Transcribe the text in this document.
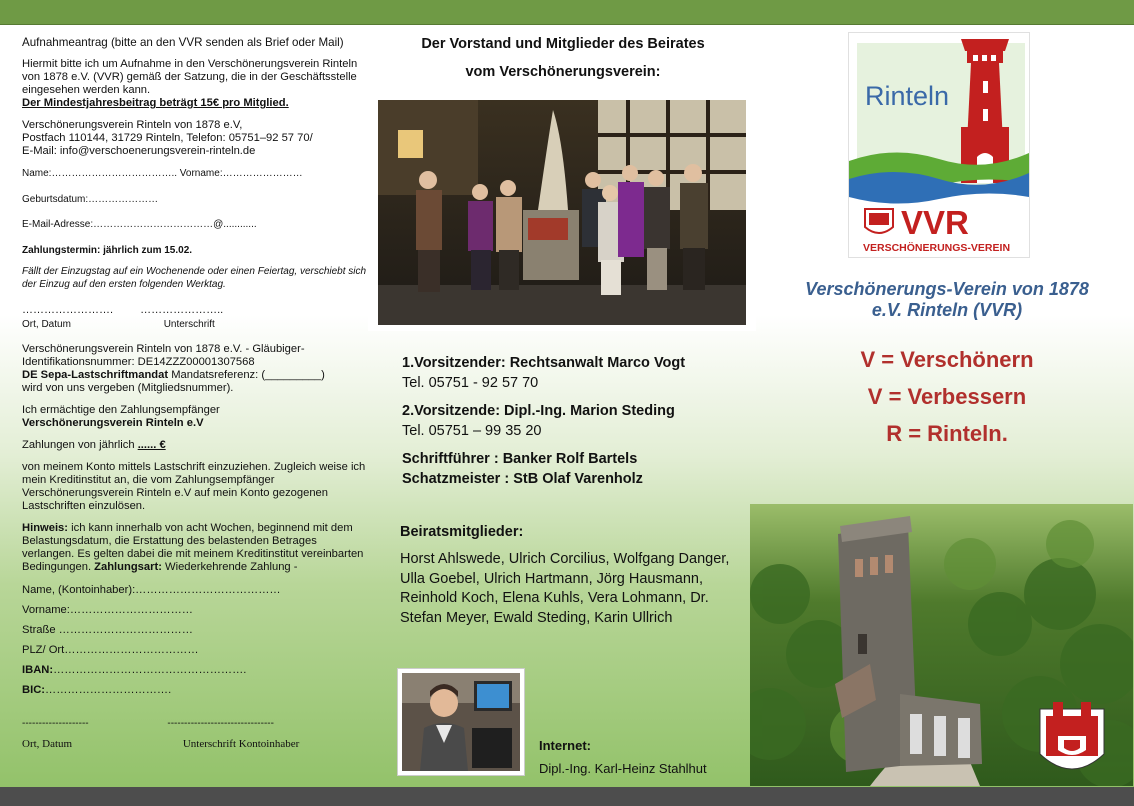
Aufnahmeantrag (bitte an den VVR senden als Brief oder Mail)

Hiermit bitte ich um Aufnahme in den Verschönerungsverein Rinteln von 1878 e.V. (VVR) gemäß der Satzung, die in der Geschäftsstelle eingesehen werden kann.

Der Mindestjahresbeitrag beträgt 15€ pro Mitglied.

Verschönerungsverein Rinteln von 1878 e.V,

Postfach 110144, 31729 Rinteln, Telefon: 05751–92 57 70/

E-Mail: info@verschoenerungsverein-rinteln.de

Name:……………………………….. Vorname:……………………

Geburtsdatum:…………………

E-Mail-Adresse:………………………………@............

Zahlungstermin: jährlich zum 15.02.

Fällt der Einzugstag auf ein Wochenende oder einen Feiertag, verschiebt sich der Einzug auf den ersten folgenden Werktag.

……………………. …………………..

Ort, Datum	Unterschrift

Verschönerungsverein Rinteln von 1878 e.V. - Gläubiger-Identifikationsnummer: DE14ZZZ00001307568

DE Sepa-Lastschriftmandat Mandatsreferenz: (_________)

wird von uns vergeben (Mitgliedsnummer).

Ich ermächtige den Zahlungsempfänger

Verschönerungsverein Rinteln e.V

Zahlungen von jährlich ...... €

von meinem Konto mittels Lastschrift einzuziehen. Zugleich weise ich mein Kreditinstitut an, die vom Zahlungsempfänger Verschönerungsverein Rinteln e.V auf mein Konto gezogenen Lastschriften einzulösen.

Hinweis: ich kann innerhalb von acht Wochen, beginnend mit dem Belastungsdatum, die Erstattung des belastenden Betrages verlangen. Es gelten dabei die mit meinem Kreditinstitut vereinbarten Bedingungen. Zahlungsart: Wiederkehrende Zahlung -

Name, (Kontoinhaber):…………………………………

Vorname:……………………………

Straße ………………………………

PLZ/ Ort………………………………

IBAN:…………………………………………….

BIC:…………………………….

--------------------	--------------------------------

Ort, Datum	Unterschrift Kontoinhaber

Der Vorstand und Mitglieder des Beirates
vom Verschönerungsverein:

1.Vorsitzender: Rechtsanwalt Marco Vogt

Tel. 05751 - 92 57 70

2.Vorsitzende: Dipl.-Ing. Marion Steding

Tel. 05751 – 99 35 20

Schriftführer : Banker Rolf Bartels

Schatzmeister : StB Olaf Varenholz

Beiratsmitglieder:
Horst Ahlswede, Ulrich Corcilius, Wolfgang Danger, Ulla Goebel, Ulrich Hartmann, Jörg Hausmann, Reinhold Koch, Elena Kuhls, Vera Lohmann, Dr. Stefan Meyer, Ewald Steding, Karin Ullrich
Internet:
Dipl.-Ing. Karl-Heinz Stahlhut
Rinteln
VVR
VERSCHÖNERUNGS-VEREIN

Verschönerungs-Verein von 1878

e.V. Rinteln (VVR)

V = Verschönern
V = Verbessern
R = Rinteln.
